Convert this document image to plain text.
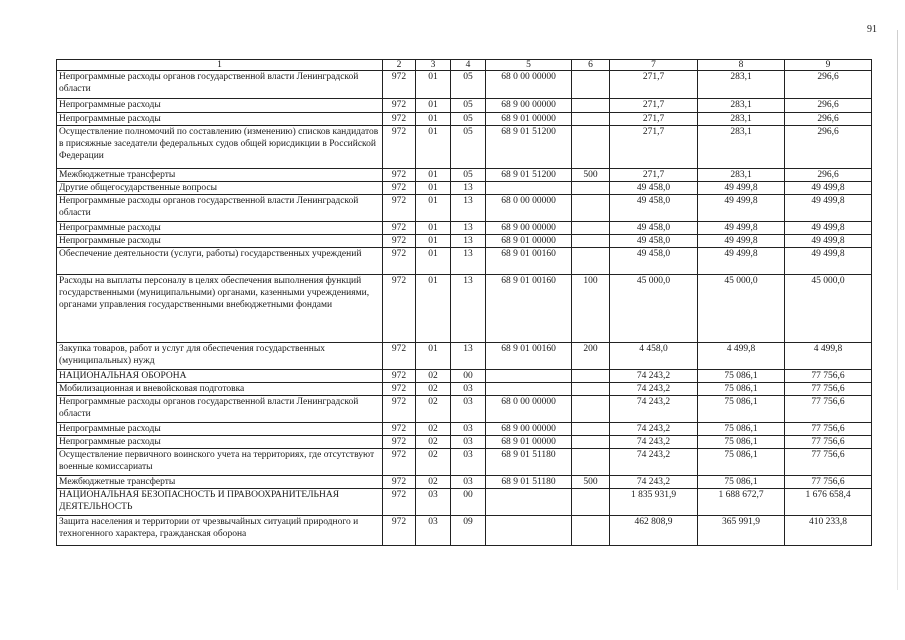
91
1	2	3	4	5	6	7	8	9
Непрограммные расходы органов государственной власти Ленинградской области	972	01	05	68 0 00 00000		271,7	283,1	296,6
Непрограммные расходы	972	01	05	68 9 00 00000		271,7	283,1	296,6
Непрограммные расходы	972	01	05	68 9 01 00000		271,7	283,1	296,6
Осуществление полномочий по составлению (изменению) списков кандидатов в присяжные заседатели федеральных судов общей юрисдикции в Российской Федерации	972	01	05	68 9 01 51200		271,7	283,1	296,6
Межбюджетные трансферты	972	01	05	68 9 01 51200	500	271,7	283,1	296,6
Другие общегосударственные вопросы	972	01	13			49 458,0	49 499,8	49 499,8
Непрограммные расходы органов государственной власти Ленинградской области	972	01	13	68 0 00 00000		49 458,0	49 499,8	49 499,8
Непрограммные расходы	972	01	13	68 9 00 00000		49 458,0	49 499,8	49 499,8
Непрограммные расходы	972	01	13	68 9 01 00000		49 458,0	49 499,8	49 499,8
Обеспечение деятельности (услуги, работы) государственных учреждений	972	01	13	68 9 01 00160		49 458,0	49 499,8	49 499,8
Расходы на выплаты персоналу в целях обеспечения выполнения функций государственными (муниципальными) органами, казенными учреждениями, органами управления государственными внебюджетными фондами	972	01	13	68 9 01 00160	100	45 000,0	45 000,0	45 000,0
Закупка товаров, работ и услуг для обеспечения государственных (муниципальных) нужд	972	01	13	68 9 01 00160	200	4 458,0	4 499,8	4 499,8
НАЦИОНАЛЬНАЯ ОБОРОНА	972	02	00			74 243,2	75 086,1	77 756,6
Мобилизационная и вневойсковая подготовка	972	02	03			74 243,2	75 086,1	77 756,6
Непрограммные расходы органов государственной власти Ленинградской области	972	02	03	68 0 00 00000		74 243,2	75 086,1	77 756,6
Непрограммные расходы	972	02	03	68 9 00 00000		74 243,2	75 086,1	77 756,6
Непрограммные расходы	972	02	03	68 9 01 00000		74 243,2	75 086,1	77 756,6
Осуществление первичного воинского учета на территориях, где отсутствуют военные комиссариаты	972	02	03	68 9 01 51180		74 243,2	75 086,1	77 756,6
Межбюджетные трансферты	972	02	03	68 9 01 51180	500	74 243,2	75 086,1	77 756,6
НАЦИОНАЛЬНАЯ БЕЗОПАСНОСТЬ И ПРАВООХРАНИТЕЛЬНАЯ ДЕЯТЕЛЬНОСТЬ	972	03	00			1 835 931,9	1 688 672,7	1 676 658,4
Защита населения и территории от чрезвычайных ситуаций природного и техногенного характера, гражданская оборона	972	03	09			462 808,9	365 991,9	410 233,8
